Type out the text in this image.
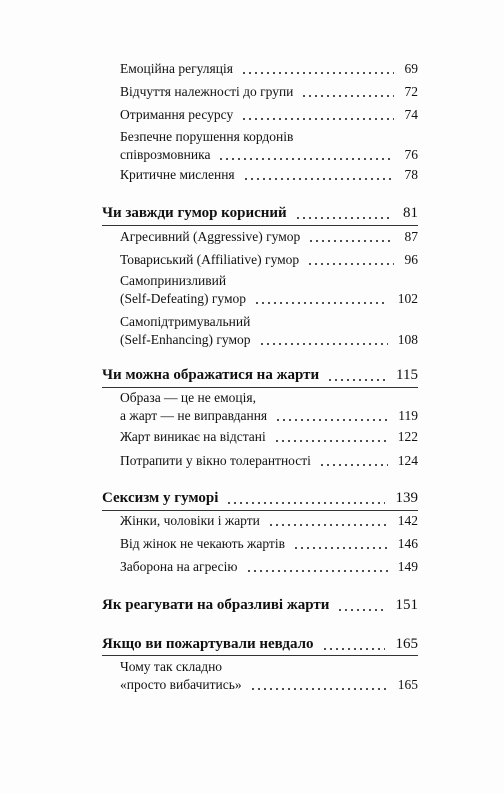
Емоційна регуляція	69
Відчуття належності до групи	72
Отримання ресурсу	74
Безпечне порушення кордонів
співрозмовника	76
Критичне мислення	78
Чи завжди гумор корисний	81
Агресивний (Aggressive) гумор	87
Товариський (Affiliative) гумор	96
Самопринизливий
(Self-Defeating) гумор	102
Самопідтримувальний
(Self-Enhancing) гумор	108
Чи можна ображатися на жарти	115
Образа — це не емоція,
а жарт — не виправдання	119
Жарт виникає на відстані	122
Потрапити у вікно толерантності	124
Сексизм у гуморі	139
Жінки, чоловіки і жарти	142
Від жінок не чекають жартів	146
Заборона на агресію	149
Як реагувати на образливі жарти	151
Якщо ви пожартували невдало	165
Чому так складно
«просто вибачитись»	165
